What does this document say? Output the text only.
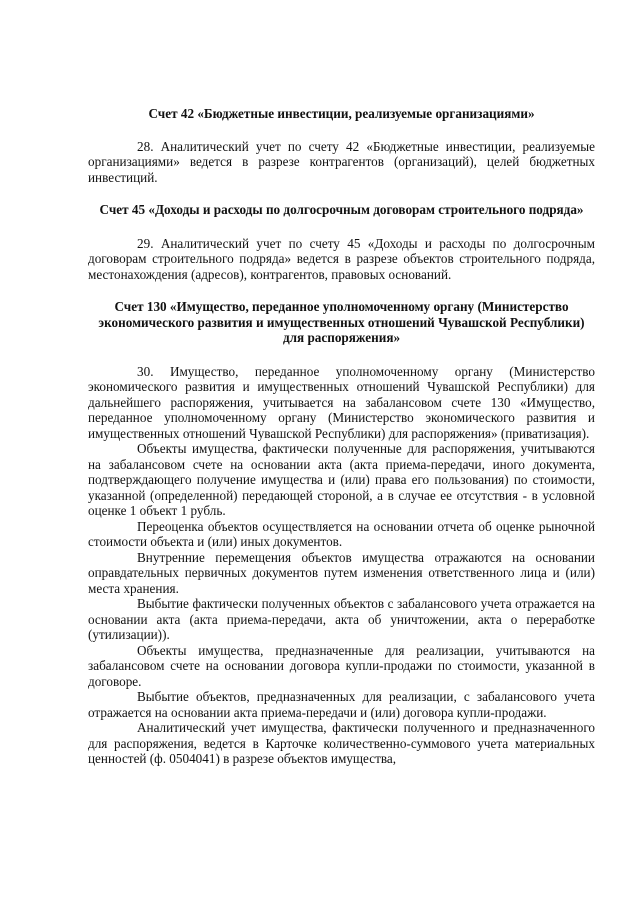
Счет 42 «Бюджетные инвестиции, реализуемые организациями»

28. Аналитический учет по счету 42 «Бюджетные инвестиции, реализуемые организациями» ведется в разрезе контрагентов (организаций), целей бюджетных инвестиций.

Счет 45 «Доходы и расходы по долгосрочным договорам строительного подряда»

29. Аналитический учет по счету 45 «Доходы и расходы по долгосрочным договорам строительного подряда» ведется в разрезе объектов строительного подряда, местонахождения (адресов), контрагентов, правовых оснований.

Счет 130 «Имущество, переданное уполномоченному органу (Министерство экономического развития и имущественных отношений Чувашской Республики) для распоряжения»

30. Имущество, переданное уполномоченному органу (Министерство экономического развития и имущественных отношений Чувашской Республики) для дальнейшего распоряжения, учитывается на забалансовом счете 130 «Имущество, переданное уполномоченному органу (Министерство экономического развития и имущественных отношений Чувашской Республики) для распоряжения» (приватизация).

Объекты имущества, фактически полученные для распоряжения, учитываются на забалансовом счете на основании акта (акта приема-передачи, иного документа, подтверждающего получение имущества и (или) права его пользования) по стоимости, указанной (определенной) передающей стороной, а в случае ее отсутствия - в условной оценке 1 объект 1 рубль.

Переоценка объектов осуществляется на основании отчета об оценке рыночной стоимости объекта и (или) иных документов.

Внутренние перемещения объектов имущества отражаются на основании оправдательных первичных документов путем изменения ответственного лица и (или) места хранения.

Выбытие фактически полученных объектов с забалансового учета отражается на основании акта (акта приема-передачи, акта об уничтожении, акта о переработке (утилизации)).

Объекты имущества, предназначенные для реализации, учитываются на забалансовом счете на основании договора купли-продажи по стоимости, указанной в договоре.

Выбытие объектов, предназначенных для реализации, с забалансового учета отражается на основании акта приема-передачи и (или) договора купли-продажи.

Аналитический учет имущества, фактически полученного и предназначенного для распоряжения, ведется в Карточке количественно-суммового учета материальных ценностей (ф. 0504041) в разрезе объектов имущества,
